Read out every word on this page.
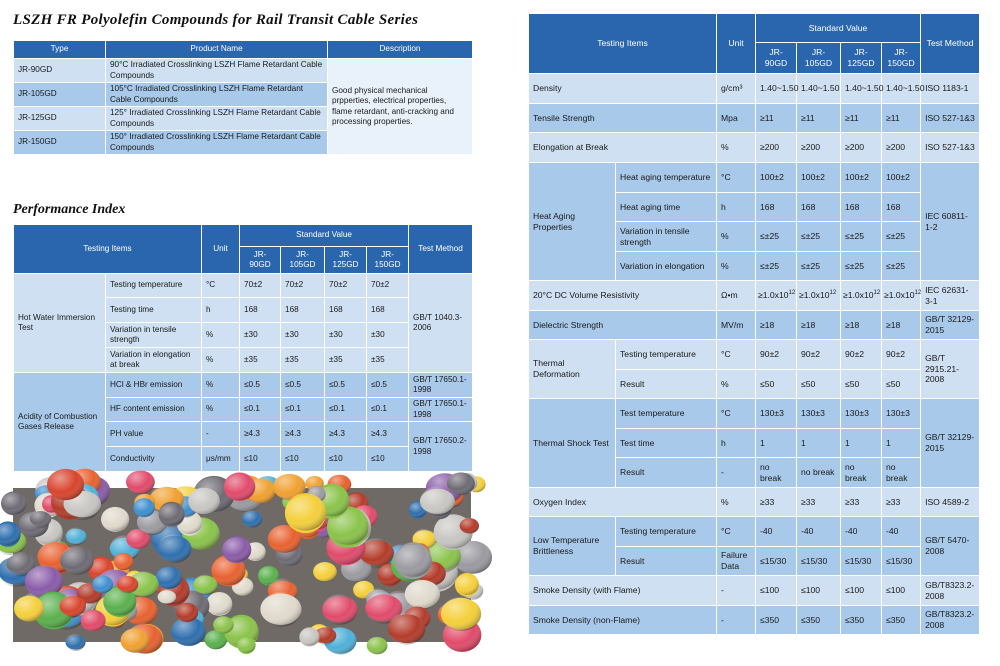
LSZH FR Polyolefin Compounds for Rail Transit Cable Series
Type	Product Name	Description
JR-90GD	90°C Irradiated Crosslinking LSZH Flame Retardant Cable Compounds	Good physical mechanical prpperties, electrical properties, flame retardant, anti-cracking and processing properties.
JR-105GD	105°C Irradiated Crosslinking LSZH Flame Retardant Cable Compounds	
JR-125GD	125° Irradiated Crosslinking LSZH Flame Retardant Cable Compounds	
JR-150GD	150° Irradiated Crosslinking LSZH Flame Retardant Cable Compounds	
Performance Index
Testing Items		Unit	Standard Value				Test Method
			JR-90GD	JR-105GD	JR-125GD	JR-150GD	
Hot Water Immersion Test	Testing temperature	°C	70±2	70±2	70±2	70±2	GB/T 1040.3-2006
	Testing time	h	168	168	168	168	
	Variation in tensile strength	%	±30	±30	±30	±30	
	Variation in elongation at break	%	±35	±35	±35	±35	
Acidity of Combustion Gases Release	HCl & HBr emission	%	≤0.5	≤0.5	≤0.5	≤0.5	GB/T 17650.1-1998
	HF content emission	%	≤0.1	≤0.1	≤0.1	≤0.1	GB/T 17650.1-1998
	PH value	-	≥4.3	≥4.3	≥4.3	≥4.3	GB/T 17650.2-1998
	Conductivity	μs/mm	≤10	≤10	≤10	≤10	
Testing Items		Unit	Standard Value				Test Method
			JR-90GD	JR-105GD	JR-125GD	JR-150GD	
Density		g/cm³	1.40~1.50	1.40~1.50	1.40~1.50	1.40~1.50	ISO 1183-1
Tensile Strength		Mpa	≥11	≥11	≥11	≥11	ISO 527-1&3
Elongation at Break		%	≥200	≥200	≥200	≥200	ISO 527-1&3
Heat Aging Properties	Heat aging temperature	°C	100±2	100±2	100±2	100±2	IEC 60811-1-2
	Heat aging time	h	168	168	168	168	
	Variation in tensile strength	%	≤±25	≤±25	≤±25	≤±25	
	Variation in elongation	%	≤±25	≤±25	≤±25	≤±25	
20°C DC Volume Resistivity		Ω•m	$\ge 1.0x10^{12}$	$\ge 1.0x10^{12}$	$\ge 1.0x10^{12}$	$\ge 1.0x10^{12}$	IEC 62631-3-1
Dielectric Strength		MV/m	≥18	≥18	≥18	≥18	GB/T 32129-2015
Thermal Deformation	Testing temperature	°C	90±2	90±2	90±2	90±2	GB/T 2915.21-2008
	Result	%	≤50	≤50	≤50	≤50	
Thermal Shock Test	Test temperature	°C	130±3	130±3	130±3	130±3	GB/T 32129-2015
	Test time	h	1	1	1	1	
	Result	-	no break	no break	no break	no break	
Oxygen Index		%	≥33	≥33	≥33	≥33	ISO 4589-2
Low Temperature Brittleness	Testing temperature	°C	-40	-40	-40	-40	GB/T 5470-2008
	Result	Failure Data	≤15/30	≤15/30	≤15/30	≤15/30	
Smoke Density (with Flame)		-	≤100	≤100	≤100	≤100	GB/T8323.2-2008
Smoke Density (non-Flame)		-	≤350	≤350	≤350	≤350	GB/T8323.2-2008
